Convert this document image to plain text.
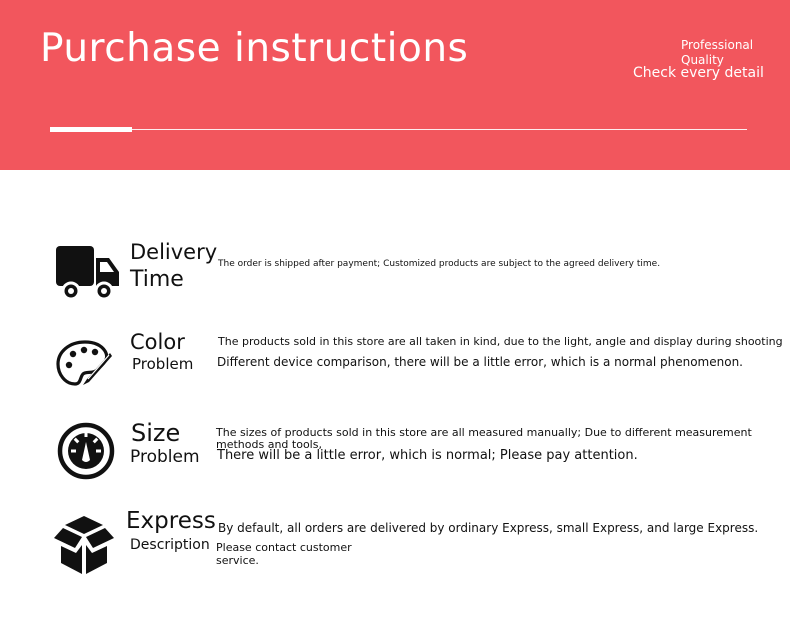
Purchase instructions	Professional Quality
Check every detail
Delivery
Time
The order is shipped after payment; Customized products are subject to the agreed delivery time.
Color
Problem
The products sold in this store are all taken in kind, due to the light, angle and display during shooting
Different device comparison, there will be a little error, which is a normal phenomenon.
Size
Problem
The sizes of products sold in this store are all measured manually; Due to different measurement methods and tools,
There will be a little error, which is normal; Please pay attention.
Express
Description
By default, all orders are delivered by ordinary Express, small Express, and large Express.
Please contact customer service.
